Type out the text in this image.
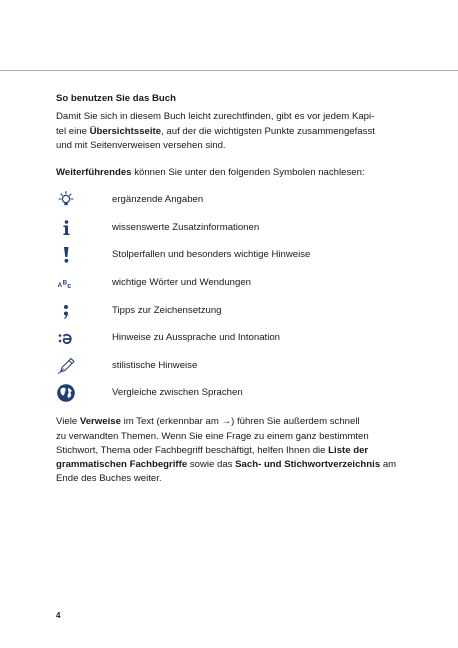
So benutzen Sie das Buch

Damit Sie sich in diesem Buch leicht zurechtfinden, gibt es vor jedem Kapi-
tel eine Übersichtsseite, auf der die wichtigsten Punkte zusammengefasst
und mit Seitenverweisen versehen sind.

Weiterführendes können Sie unter den folgenden Symbolen nachlesen:

ergänzende Angaben
wissenswerte Zusatzinformationen
Stolperfallen und besonders wichtige Hinweise
A B c	wichtige Wörter und Wendungen
Tipps zur Zeichensetzung
Hinweise zu Aussprache und Intonation
stilistische Hinweise
Vergleiche zwischen Sprachen

Viele Verweise im Text (erkennbar am →) führen Sie außerdem schnell
zu verwandten Themen. Wenn Sie eine Frage zu einem ganz bestimmten
Stichwort, Thema oder Fachbegriff beschäftigt, helfen Ihnen die Liste der
grammatischen Fachbegriffe sowie das Sach- und Stichwortverzeichnis am
Ende des Buches weiter.

4
